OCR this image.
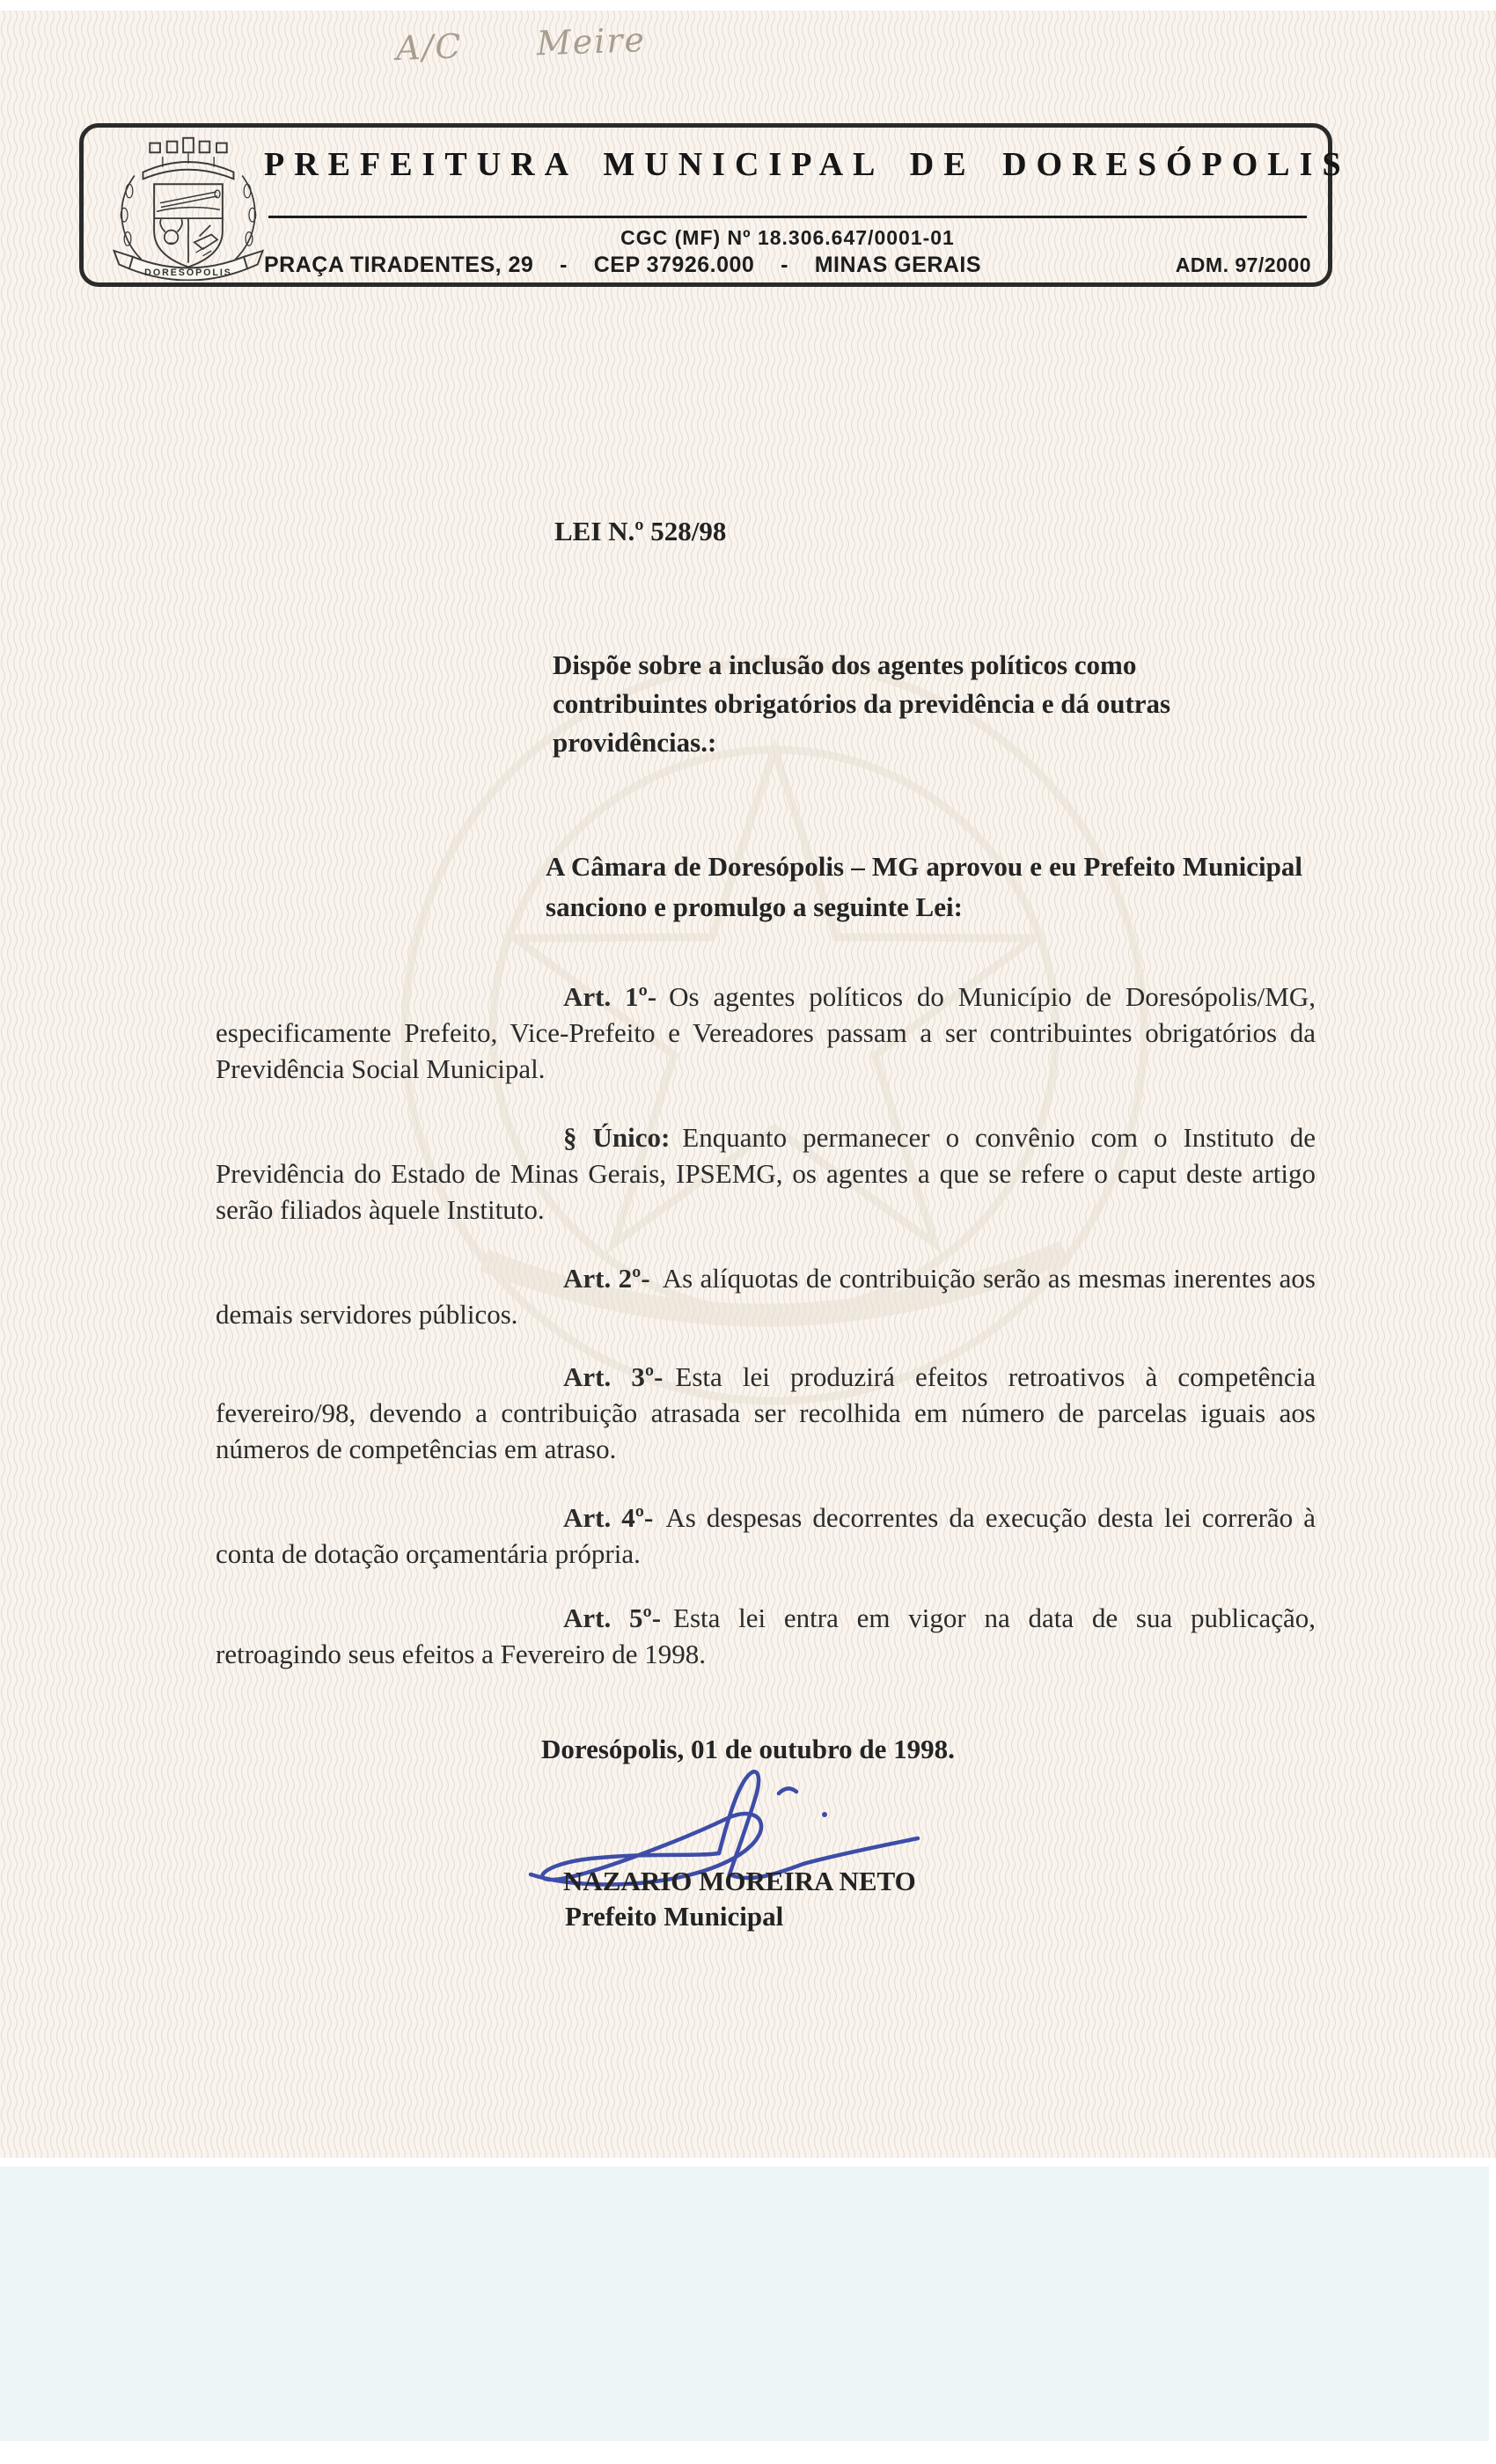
A/C      Meire
DORESOPOLIS
PREFEITURA MUNICIPAL DE DORESÓPOLIS
CGC (MF) Nº 18.306.647/0001-01
PRAÇA TIRADENTES, 29    -    CEP 37926.000    -    MINAS GERAIS	ADM. 97/2000
LEI N.º 528/98
Dispõe sobre a inclusão dos agentes políticos como contribuintes obrigatórios da previdência e dá outras providências.:
A Câmara de Doresópolis – MG aprovou e eu Prefeito Municipal sanciono e promulgo a seguinte Lei:

Art. 1º- Os agentes políticos do Município de Doresópolis/MG, especificamente Prefeito, Vice-Prefeito e Vereadores passam a ser contribuintes obrigatórios da Previdência Social Municipal.

§ Único: Enquanto permanecer o convênio com o Instituto de Previdência do Estado de Minas Gerais, IPSEMG, os agentes a que se refere o caput deste artigo serão filiados àquele Instituto.

Art. 2º- As alíquotas de contribuição serão as mesmas inerentes aos demais servidores públicos.

Art. 3º- Esta lei produzirá efeitos retroativos à competência fevereiro/98, devendo a contribuição atrasada ser recolhida em número de parcelas iguais aos números de competências em atraso.

Art. 4º- As despesas decorrentes da execução desta lei correrão à conta de dotação orçamentária própria.

Art. 5º- Esta lei entra em vigor na data de sua publicação, retroagindo seus efeitos a Fevereiro de 1998.

Doresópolis, 01 de outubro de 1998.
NAZARIO MOREIRA NETO
Prefeito Municipal
